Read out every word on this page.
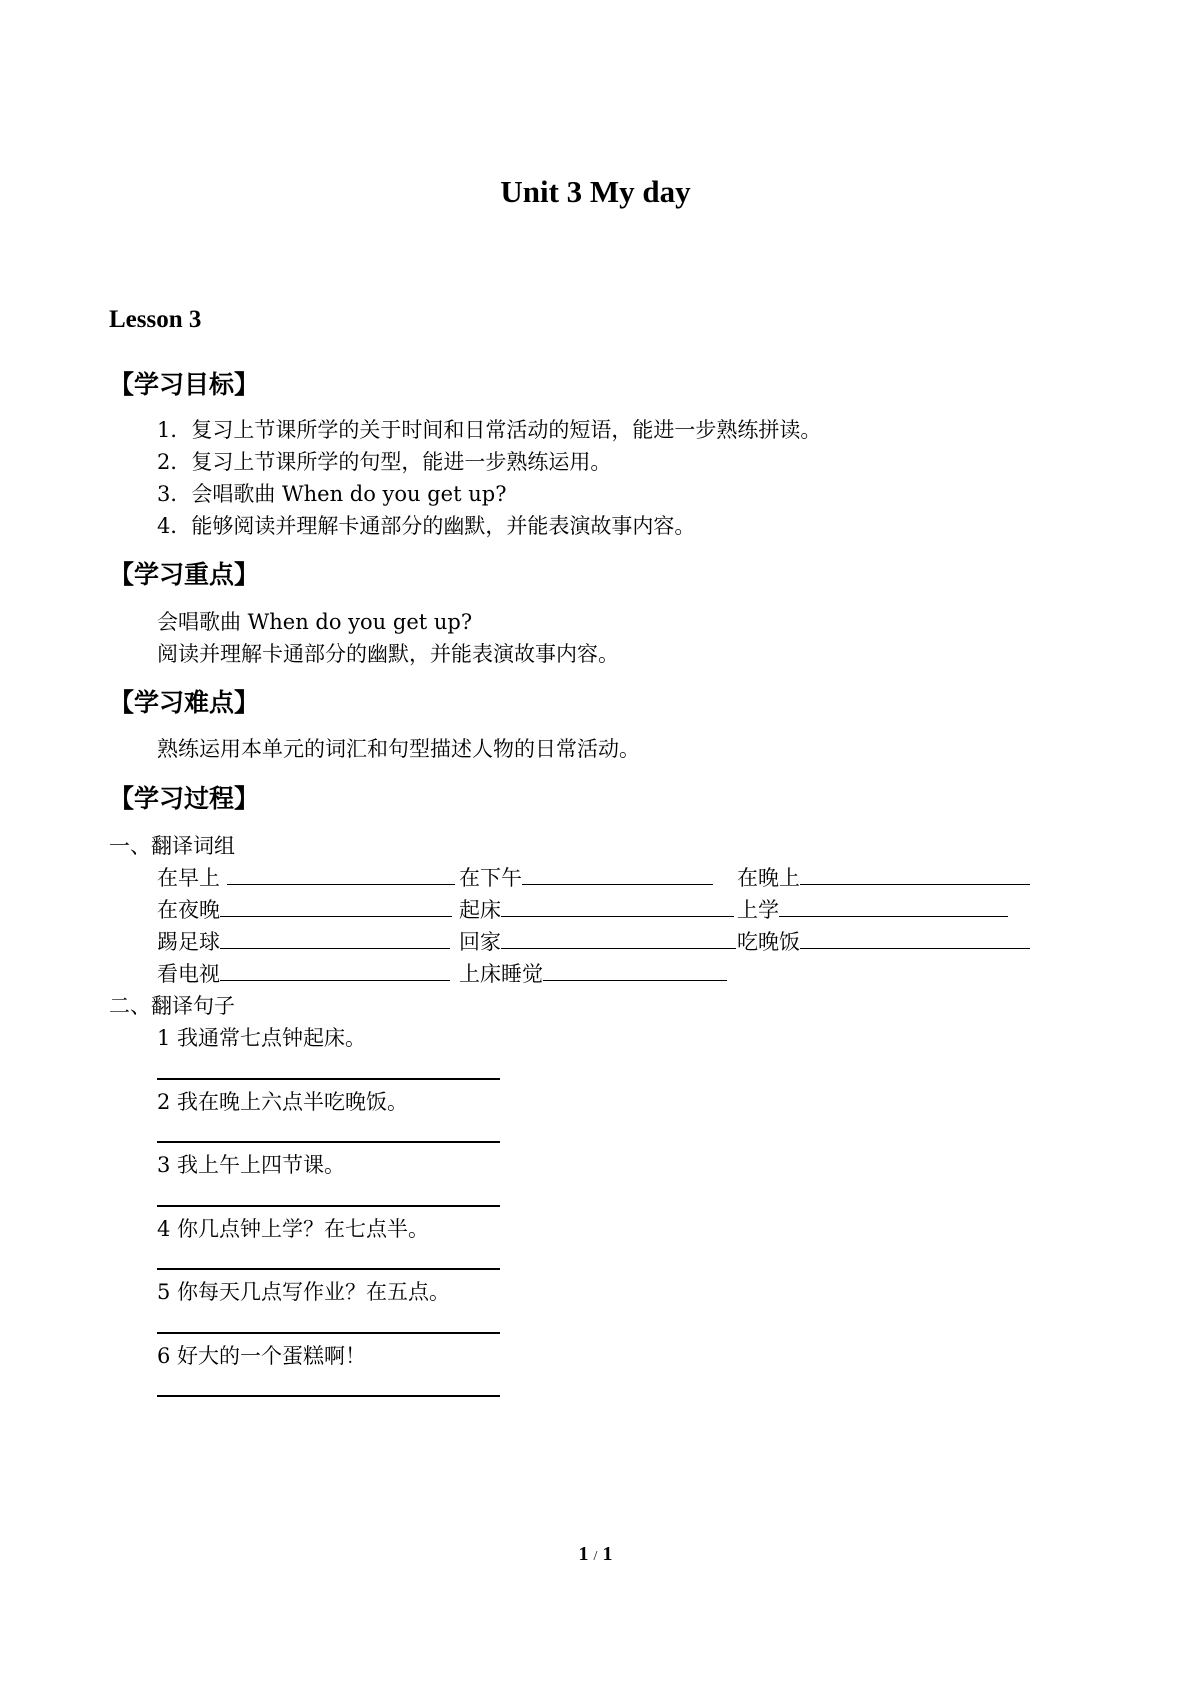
Unit 3 My day
Lesson 3
【学习目标】
1．复习上节课所学的关于时间和日常活动的短语，能进一步熟练拼读。
2．复习上节课所学的句型，能进一步熟练运用。
3．会唱歌曲 When do you get up?
4．能够阅读并理解卡通部分的幽默，并能表演故事内容。
【学习重点】
会唱歌曲 When do you get up?
阅读并理解卡通部分的幽默，并能表演故事内容。
【学习难点】
熟练运用本单元的词汇和句型描述人物的日常活动。
【学习过程】
一、翻译词组
在早上	在下午	在晚上
在夜晚	起床	上学
踢足球	回家	吃晚饭
看电视	上床睡觉
二、翻译句子
1 我通常七点钟起床。
2 我在晚上六点半吃晚饭。
3 我上午上四节课。
4 你几点钟上学？在七点半。
5 你每天几点写作业？在五点。
6 好大的一个蛋糕啊！
1 / 1
